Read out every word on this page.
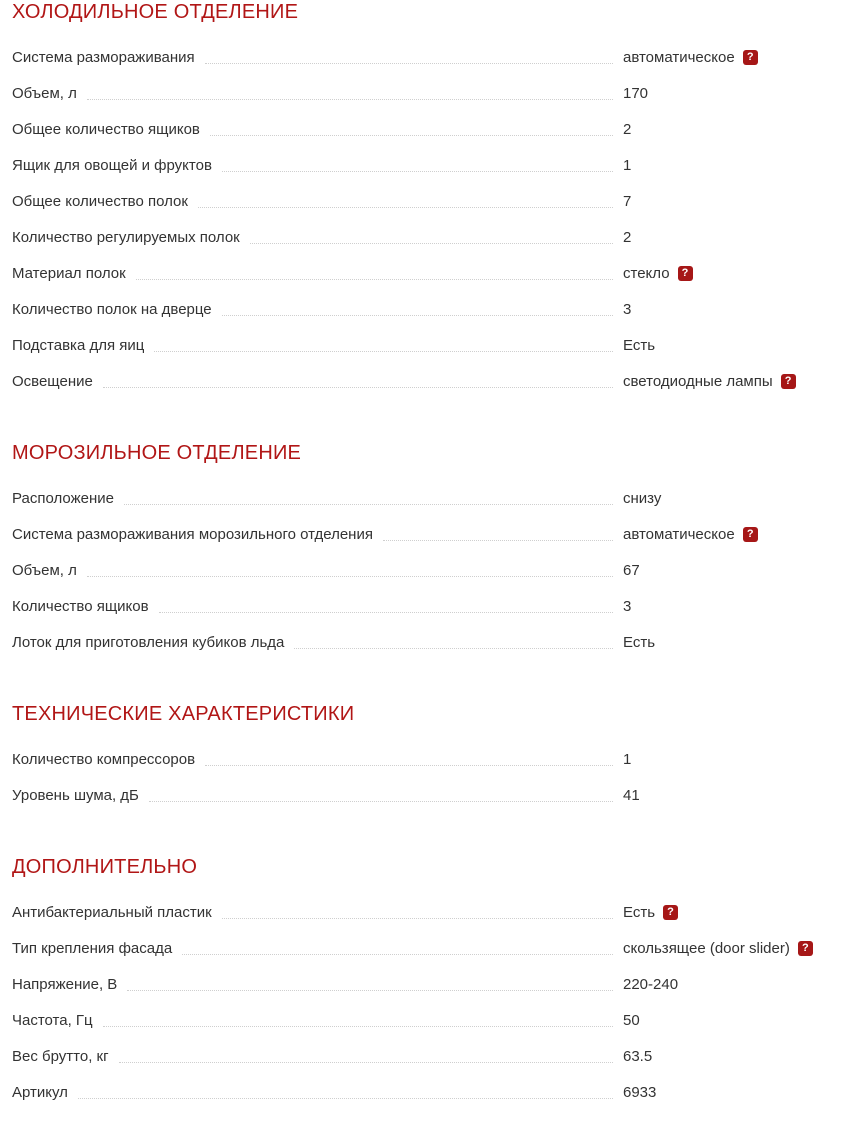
ХОЛОДИЛЬНОЕ ОТДЕЛЕНИЕ
Система размораживания	автоматическое	?
Объем, л	170
Общее количество ящиков	2
Ящик для овощей и фруктов	1
Общее количество полок	7
Количество регулируемых полок	2
Материал полок	стекло	?
Количество полок на дверце	3
Подставка для яиц	Есть
Освещение	светодиодные лампы	?
МОРОЗИЛЬНОЕ ОТДЕЛЕНИЕ
Расположение	снизу
Система размораживания морозильного отделения	автоматическое	?
Объем, л	67
Количество ящиков	3
Лоток для приготовления кубиков льда	Есть
ТЕХНИЧЕСКИЕ ХАРАКТЕРИСТИКИ
Количество компрессоров	1
Уровень шума, дБ	41
ДОПОЛНИТЕЛЬНО
Антибактериальный пластик	Есть	?
Тип крепления фасада	скользящее (door slider)	?
Напряжение, В	220-240
Частота, Гц	50
Вес брутто, кг	63.5
Артикул	6933
